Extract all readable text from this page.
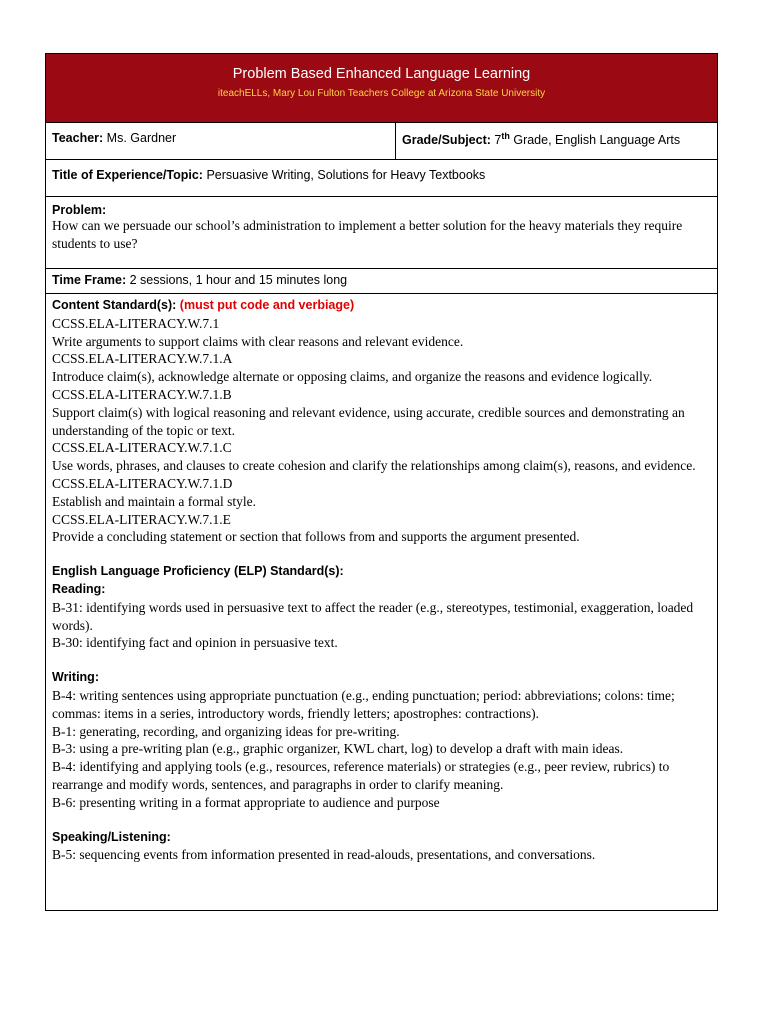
Problem Based Enhanced Language Learning
iteachELLs, Mary Lou Fulton Teachers College at Arizona State University
Teacher: Ms. Gardner	Grade/Subject: 7th Grade, English Language Arts
Title of Experience/Topic: Persuasive Writing, Solutions for Heavy Textbooks
Problem:
How can we persuade our school’s administration to implement a better solution for the heavy materials they require students to use?
Time Frame: 2 sessions, 1 hour and 15 minutes long
Content Standard(s): (must put code and verbiage)
CCSS.ELA-LITERACY.W.7.1
Write arguments to support claims with clear reasons and relevant evidence.
CCSS.ELA-LITERACY.W.7.1.A
Introduce claim(s), acknowledge alternate or opposing claims, and organize the reasons and evidence logically.
CCSS.ELA-LITERACY.W.7.1.B
Support claim(s) with logical reasoning and relevant evidence, using accurate, credible sources and demonstrating an understanding of the topic or text.
CCSS.ELA-LITERACY.W.7.1.C
Use words, phrases, and clauses to create cohesion and clarify the relationships among claim(s), reasons, and evidence.
CCSS.ELA-LITERACY.W.7.1.D
Establish and maintain a formal style.
CCSS.ELA-LITERACY.W.7.1.E
Provide a concluding statement or section that follows from and supports the argument presented.
English Language Proficiency (ELP) Standard(s):
Reading:
B-31: identifying words used in persuasive text to affect the reader (e.g., stereotypes, testimonial, exaggeration, loaded words).
B-30: identifying fact and opinion in persuasive text.
Writing:
B-4: writing sentences using appropriate punctuation (e.g., ending punctuation; period: abbreviations; colons: time; commas: items in a series, introductory words, friendly letters; apostrophes: contractions).
B-1: generating, recording, and organizing ideas for pre-writing.
B-3: using a pre-writing plan (e.g., graphic organizer, KWL chart, log) to develop a draft with main ideas.
B-4: identifying and applying tools (e.g., resources, reference materials) or strategies (e.g., peer review, rubrics) to rearrange and modify words, sentences, and paragraphs in order to clarify meaning.
B-6: presenting writing in a format appropriate to audience and purpose
Speaking/Listening:
B-5: sequencing events from information presented in read-alouds, presentations, and conversations.
